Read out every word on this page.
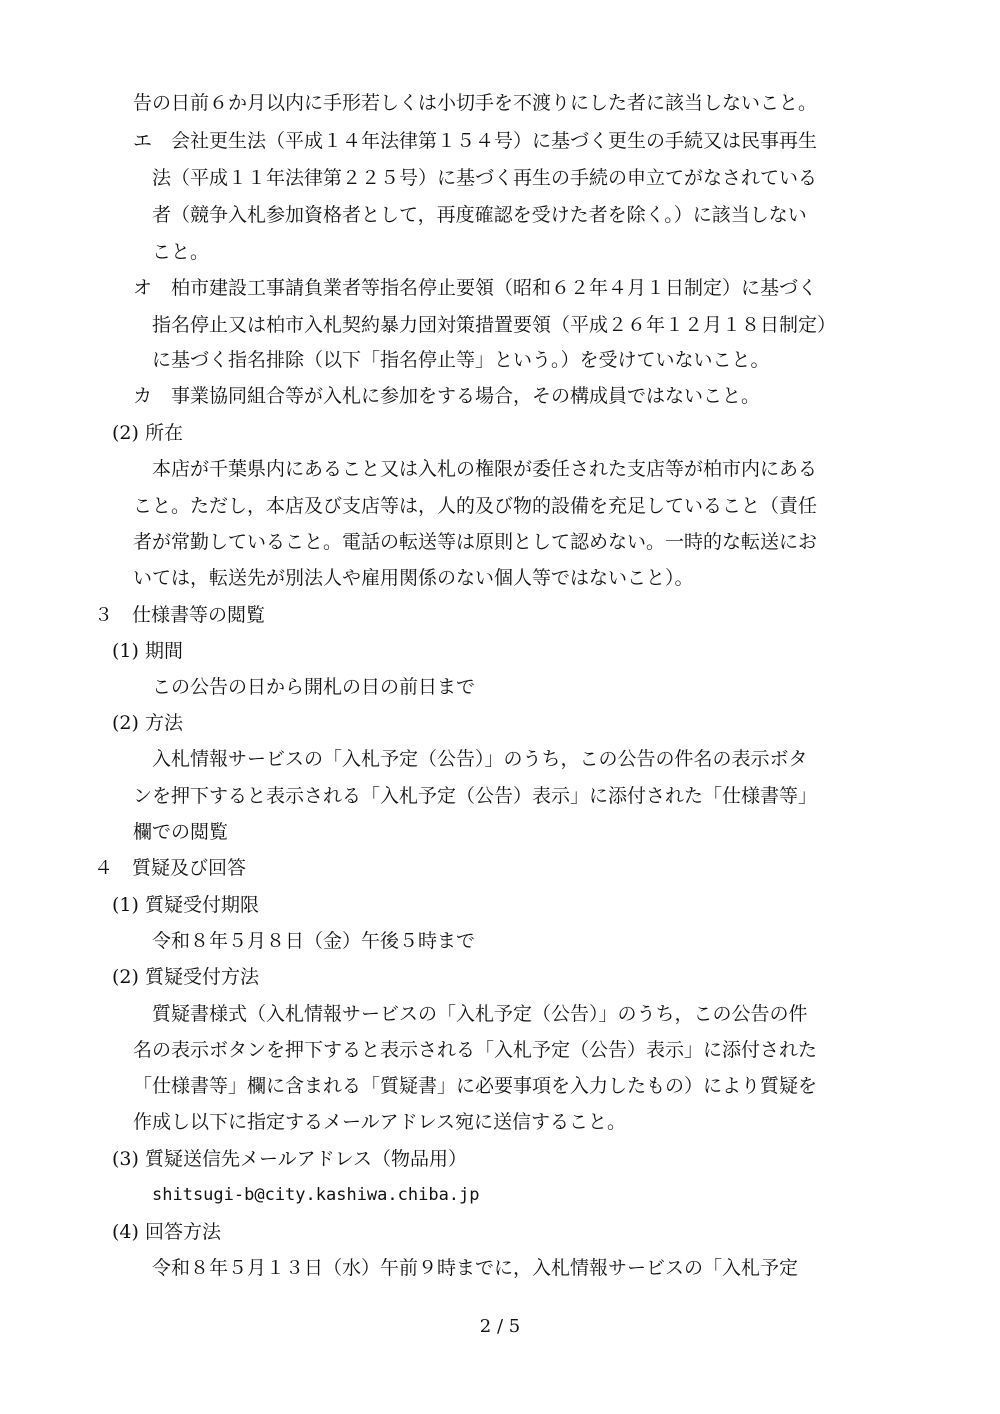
告の日前６か月以内に手形若しくは小切手を不渡りにした者に該当しないこと。
エ　会社更生法（平成１４年法律第１５４号）に基づく更生の手続又は民事再生
法（平成１１年法律第２２５号）に基づく再生の手続の申立てがなされている
者（競争入札参加資格者として，再度確認を受けた者を除く。）に該当しない
こと。
オ　柏市建設工事請負業者等指名停止要領（昭和６２年４月１日制定）に基づく
指名停止又は柏市入札契約暴力団対策措置要領（平成２６年１２月１８日制定）
に基づく指名排除（以下「指名停止等」という。）を受けていないこと。
カ　事業協同組合等が入札に参加をする場合，その構成員ではないこと。
(2) 所在
本店が千葉県内にあること又は入札の権限が委任された支店等が柏市内にある
こと。ただし，本店及び支店等は，人的及び物的設備を充足していること（責任
者が常勤していること。電話の転送等は原則として認めない。一時的な転送にお
いては，転送先が別法人や雇用関係のない個人等ではないこと）。
３　仕様書等の閲覧
(1) 期間
この公告の日から開札の日の前日まで
(2) 方法
入札情報サービスの「入札予定（公告）」のうち，この公告の件名の表示ボタ
ンを押下すると表示される「入札予定（公告）表示」に添付された「仕様書等」
欄での閲覧
４　質疑及び回答
(1) 質疑受付期限
令和８年５月８日（金）午後５時まで
(2) 質疑受付方法
質疑書様式（入札情報サービスの「入札予定（公告）」のうち，この公告の件
名の表示ボタンを押下すると表示される「入札予定（公告）表示」に添付された
「仕様書等」欄に含まれる「質疑書」に必要事項を入力したもの）により質疑を
作成し以下に指定するメールアドレス宛に送信すること。
(3) 質疑送信先メールアドレス（物品用）
shitsugi-b@city.kashiwa.chiba.jp
(4) 回答方法
令和８年５月１３日（水）午前９時までに，入札情報サービスの「入札予定
2 / 5
